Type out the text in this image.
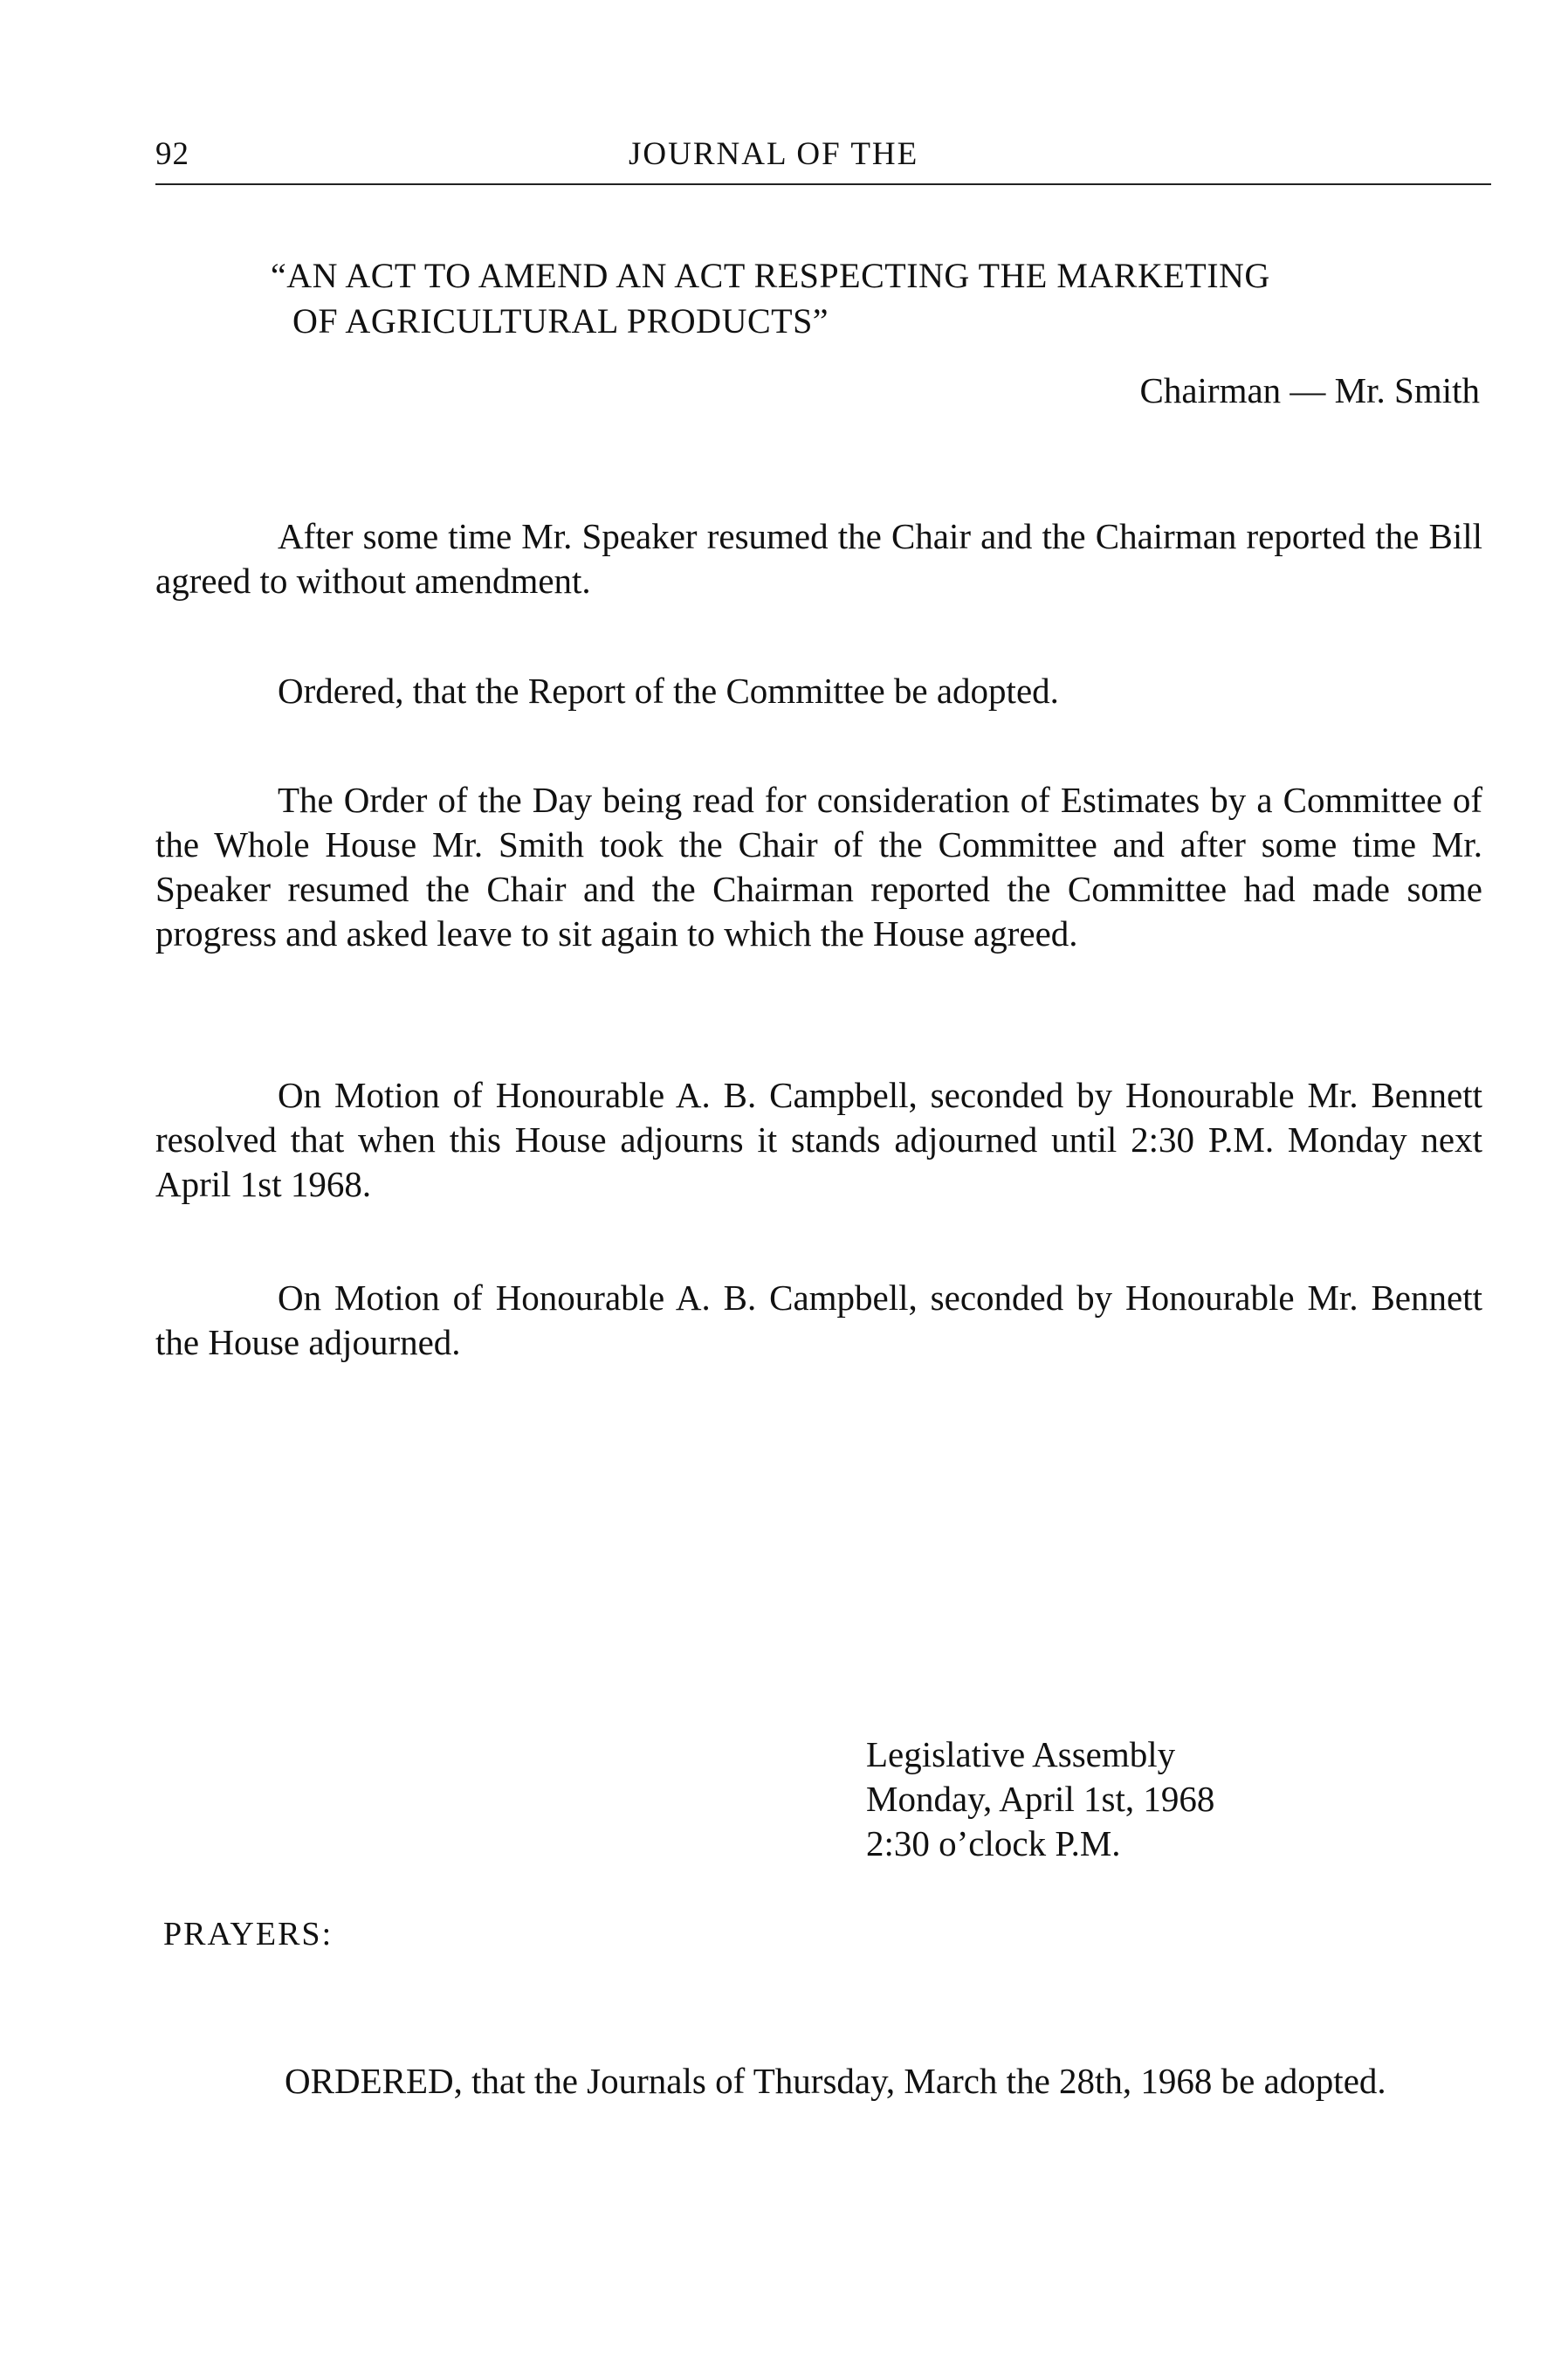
92	JOURNAL OF THE
“AN ACT TO AMEND AN ACT RESPECTING THE MARKETING
OF AGRICULTURAL PRODUCTS”
Chairman — Mr. Smith

After some time Mr. Speaker resumed the Chair and the Chairman reported the Bill agreed to without amendment.

Ordered, that the Report of the Committee be adopted.

The Order of the Day being read for consideration of Estimates by a Committee of the Whole House Mr. Smith took the Chair of the Committee and after some time Mr. Speaker resumed the Chair and the Chairman reported the Committee had made some progress and asked leave to sit again to which the House agreed.

On Motion of Honourable A. B. Campbell, seconded by Honourable Mr. Bennett resolved that when this House adjourns it stands adjourned until 2:30 P.M. Monday next April 1st 1968.

On Motion of Honourable A. B. Campbell, seconded by Honourable Mr. Bennett the House adjourned.

Legislative Assembly
Monday, April 1st, 1968
2:30 o’clock P.M.
PRAYERS:

ORDERED, that the Journals of Thursday, March the 28th, 1968 be adopted.
